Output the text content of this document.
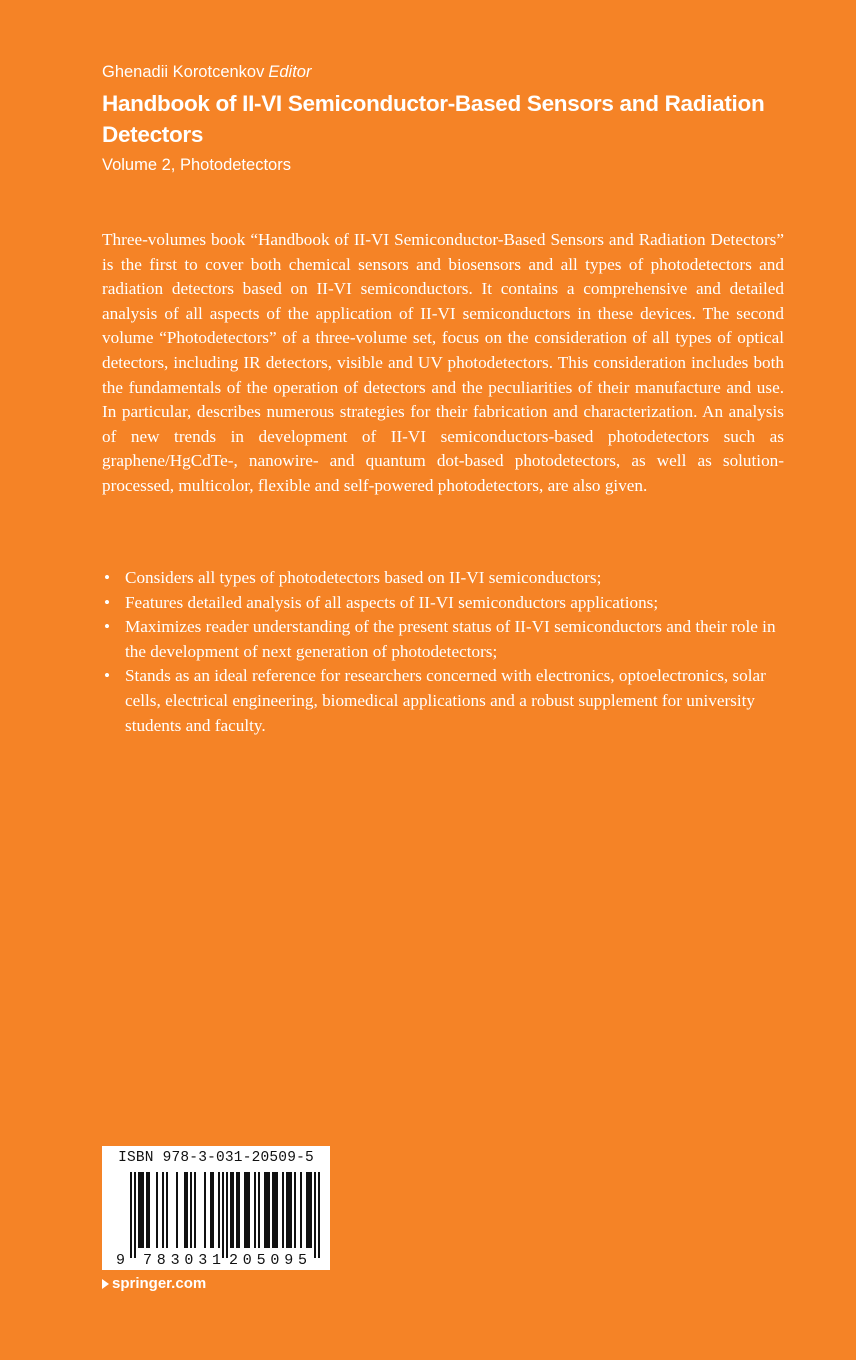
Ghenadii Korotcenkov Editor
Handbook of II-VI Semiconductor-Based Sensors and Radiation Detectors
Volume 2, Photodetectors

Three-volumes book “Handbook of II-VI Semiconductor-Based Sensors and Radiation Detectors” is the first to cover both chemical sensors and biosensors and all types of photodetectors and radiation detectors based on II-VI semiconductors. It contains a comprehensive and detailed analysis of all aspects of the application of II-VI semiconductors in these devices. The second volume “Photodetectors” of a three-volume set, focus on the consideration of all types of optical detectors, including IR detectors, visible and UV photodetectors. This consideration includes both the fundamentals of the operation of detectors and the peculiarities of their manufacture and use. In particular, describes numerous strategies for their fabrication and characterization. An analysis of new trends in development of II-VI semiconductors-based photodetectors such as graphene/HgCdTe-, nanowire- and quantum dot-based photodetectors, as well as solution-processed, multicolor, flexible and self-powered photodetectors, are also given.

• Considers all types of photodetectors based on II-VI semiconductors;
• Features detailed analysis of all aspects of II-VI semiconductors applications;
• Maximizes reader understanding of the present status of II-VI semiconductors and their role in the development of next generation of photodetectors;
• Stands as an ideal reference for researchers concerned with electronics, optoelectronics, solar cells, electrical engineering, biomedical applications and a robust supplement for university students and faculty.
ISBN 978-3-031-20509-5
9 783031 205095
springer.com
